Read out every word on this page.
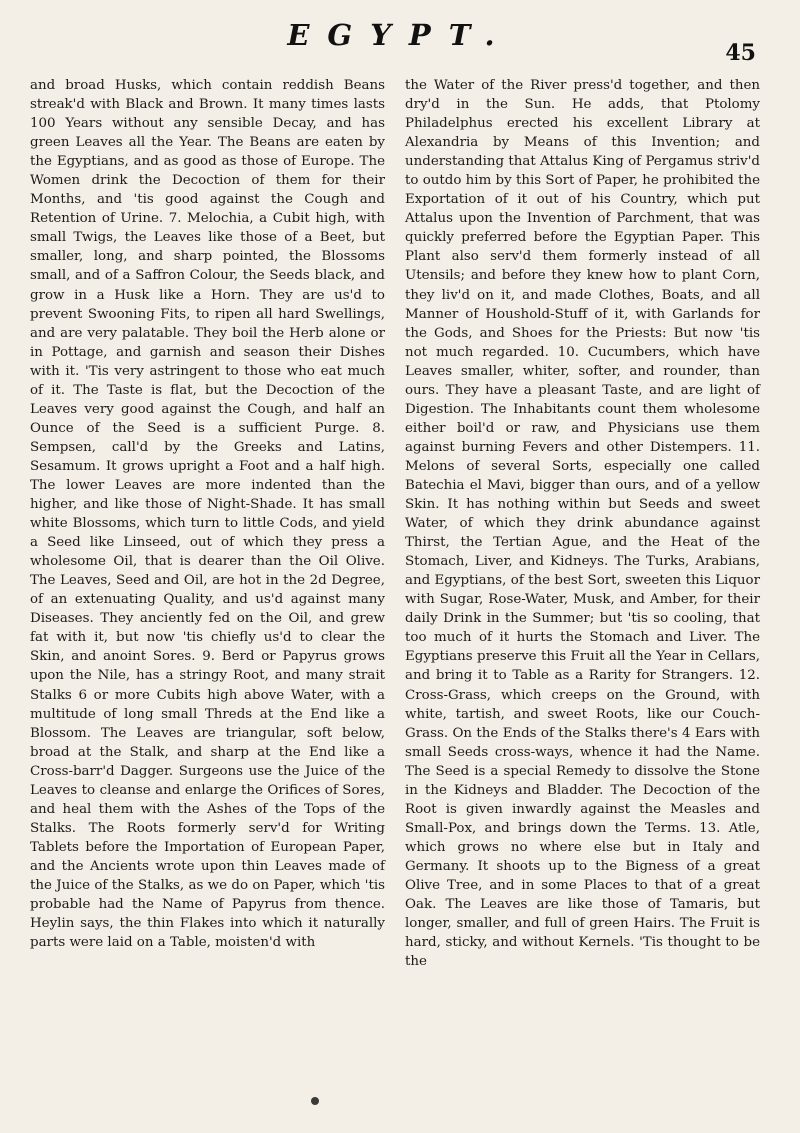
EGYPT.
45

and broad Husks, which contain reddish Beans streak'd with Black and Brown. It many times lasts 100 Years without any sensible Decay, and has green Leaves all the Year. The Beans are eaten by the Egyptians, and as good as those of Europe. The Women drink the Decoction of them for their Months, and 'tis good against the Cough and Retention of Urine. 7. Melochia, a Cubit high, with small Twigs, the Leaves like those of a Beet, but smaller, long, and sharp pointed, the Blossoms small, and of a Saffron Colour, the Seeds black, and grow in a Husk like a Horn. They are us'd to prevent Swooning Fits, to ripen all hard Swellings, and are very palatable. They boil the Herb alone or in Pottage, and garnish and season their Dishes with it. 'Tis very astringent to those who eat much of it. The Taste is flat, but the Decoction of the Leaves very good against the Cough, and half an Ounce of the Seed is a sufficient Purge. 8. Sempsen, call'd by the Greeks and Latins, Sesamum. It grows upright a Foot and a half high. The lower Leaves are more indented than the higher, and like those of Night-Shade. It has small white Blossoms, which turn to little Cods, and yield a Seed like Linseed, out of which they press a wholesome Oil, that is dearer than the Oil Olive. The Leaves, Seed and Oil, are hot in the 2d Degree, of an extenuating Quality, and us'd against many Diseases. They anciently fed on the Oil, and grew fat with it, but now 'tis chiefly us'd to clear the Skin, and anoint Sores. 9. Berd or Papyrus grows upon the Nile, has a stringy Root, and many strait Stalks 6 or more Cubits high above Water, with a multitude of long small Threds at the End like a Blossom. The Leaves are triangular, soft below, broad at the Stalk, and sharp at the End like a Cross-barr'd Dagger. Surgeons use the Juice of the Leaves to cleanse and enlarge the Orifices of Sores, and heal them with the Ashes of the Tops of the Stalks. The Roots formerly serv'd for Writing Tablets before the Importation of European Paper, and the Ancients wrote upon thin Leaves made of the Juice of the Stalks, as we do on Paper, which 'tis probable had the Name of Papyrus from thence. Heylin says, the thin Flakes into which it naturally parts were laid on a Table, moisten'd with

the Water of the River press'd together, and then dry'd in the Sun. He adds, that Ptolomy Philadelphus erected his excellent Library at Alexandria by Means of this Invention; and understanding that Attalus King of Pergamus striv'd to outdo him by this Sort of Paper, he prohibited the Exportation of it out of his Country, which put Attalus upon the Invention of Parchment, that was quickly preferred before the Egyptian Paper. This Plant also serv'd them formerly instead of all Utensils; and before they knew how to plant Corn, they liv'd on it, and made Clothes, Boats, and all Manner of Houshold-Stuff of it, with Garlands for the Gods, and Shoes for the Priests: But now 'tis not much regarded. 10. Cucumbers, which have Leaves smaller, whiter, softer, and rounder, than ours. They have a pleasant Taste, and are light of Digestion. The Inhabitants count them wholesome either boil'd or raw, and Physicians use them against burning Fevers and other Distempers. 11. Melons of several Sorts, especially one called Batechia el Mavi, bigger than ours, and of a yellow Skin. It has nothing within but Seeds and sweet Water, of which they drink abundance against Thirst, the Tertian Ague, and the Heat of the Stomach, Liver, and Kidneys. The Turks, Arabians, and Egyptians, of the best Sort, sweeten this Liquor with Sugar, Rose-Water, Musk, and Amber, for their daily Drink in the Summer; but 'tis so cooling, that too much of it hurts the Stomach and Liver. The Egyptians preserve this Fruit all the Year in Cellars, and bring it to Table as a Rarity for Strangers. 12. Cross-Grass, which creeps on the Ground, with white, tartish, and sweet Roots, like our Couch-Grass. On the Ends of the Stalks there's 4 Ears with small Seeds cross-ways, whence it had the Name. The Seed is a special Remedy to dissolve the Stone in the Kidneys and Bladder. The Decoction of the Root is given inwardly against the Measles and Small-Pox, and brings down the Terms. 13. Atle, which grows no where else but in Italy and Germany. It shoots up to the Bigness of a great Olive Tree, and in some Places to that of a great Oak. The Leaves are like those of Tamaris, but longer, smaller, and full of green Hairs. The Fruit is hard, sticky, and without Kernels. 'Tis thought to be the
